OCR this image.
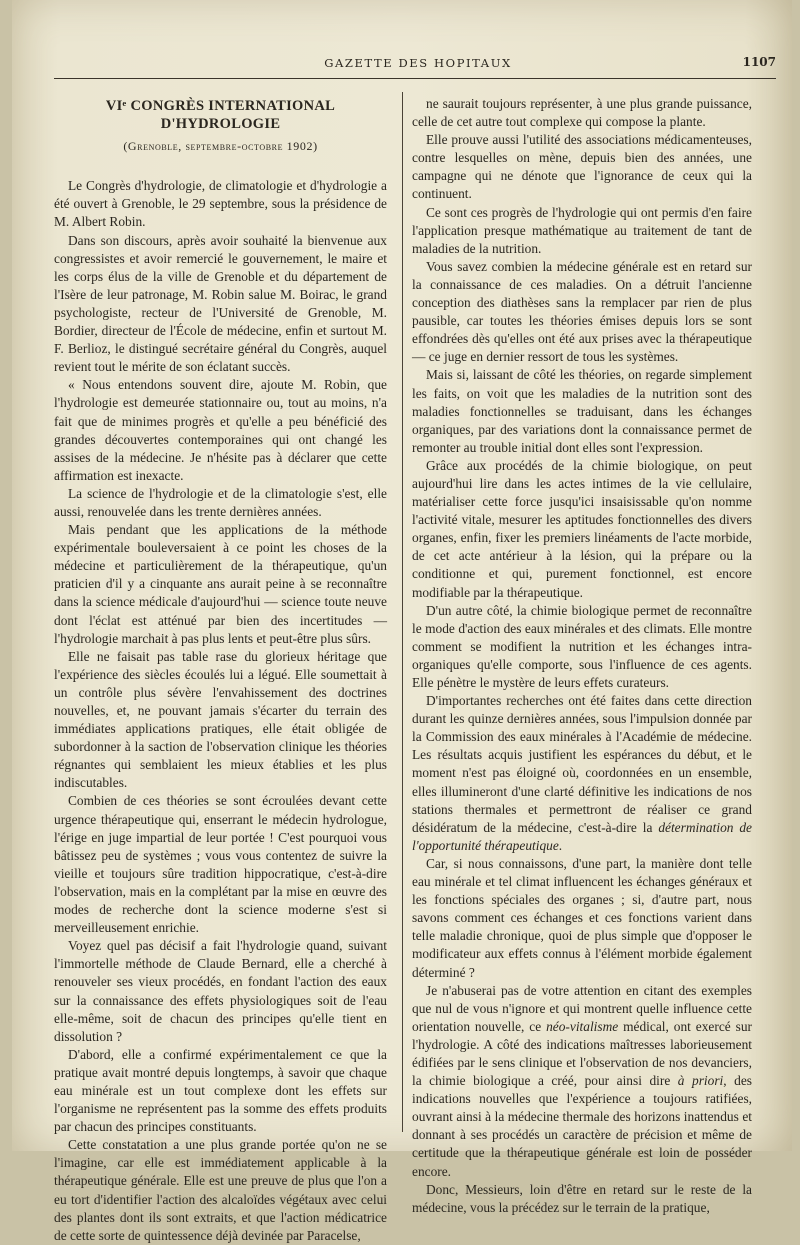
GAZETTE DES HOPITAUX	1107
VIᵉ CONGRÈS INTERNATIONAL D'HYDROLOGIE
(Grenoble, septembre-octobre 1902)

Le Congrès d'hydrologie, de climatologie et d'hydrologie a été ouvert à Grenoble, le 29 septembre, sous la présidence de M. Albert Robin.

Dans son discours, après avoir souhaité la bienvenue aux congressistes et avoir remercié le gouvernement, le maire et les corps élus de la ville de Grenoble et du département de l'Isère de leur patronage, M. Robin salue M. Boirac, le grand psychologiste, recteur de l'Université de Grenoble, M. Bordier, directeur de l'École de médecine, enfin et surtout M. F. Berlioz, le distingué secrétaire général du Congrès, auquel revient tout le mérite de son éclatant succès.

« Nous entendons souvent dire, ajoute M. Robin, que l'hydrologie est demeurée stationnaire ou, tout au moins, n'a fait que de minimes progrès et qu'elle a peu bénéficié des grandes découvertes contemporaines qui ont changé les assises de la médecine. Je n'hésite pas à déclarer que cette affirmation est inexacte.

La science de l'hydrologie et de la climatologie s'est, elle aussi, renouvelée dans les trente dernières années.

Mais pendant que les applications de la méthode expérimentale bouleversaient à ce point les choses de la médecine et particulièrement de la thérapeutique, qu'un praticien d'il y a cinquante ans aurait peine à se reconnaître dans la science médicale d'aujourd'hui — science toute neuve dont l'éclat est atténué par bien des incertitudes — l'hydrologie marchait à pas plus lents et peut-être plus sûrs.

Elle ne faisait pas table rase du glorieux héritage que l'expérience des siècles écoulés lui a légué. Elle soumettait à un contrôle plus sévère l'envahissement des doctrines nouvelles, et, ne pouvant jamais s'écarter du terrain des immédiates applications pratiques, elle était obligée de subordonner à la saction de l'observation clinique les théories régnantes qui semblaient les mieux établies et les plus indiscutables.

Combien de ces théories se sont écroulées devant cette urgence thérapeutique qui, enserrant le médecin hydrologue, l'érige en juge impartial de leur portée ! C'est pourquoi vous bâtissez peu de systèmes ; vous vous contentez de suivre la vieille et toujours sûre tradition hippocratique, c'est-à-dire l'observation, mais en la complétant par la mise en œuvre des modes de recherche dont la science moderne s'est si merveilleusement enrichie.

Voyez quel pas décisif a fait l'hydrologie quand, suivant l'immortelle méthode de Claude Bernard, elle a cherché à renouveler ses vieux procédés, en fondant l'action des eaux sur la connaissance des effets physiologiques soit de l'eau elle-même, soit de chacun des principes qu'elle tient en dissolution ?

D'abord, elle a confirmé expérimentalement ce que la pratique avait montré depuis longtemps, à savoir que chaque eau minérale est un tout complexe dont les effets sur l'organisme ne représentent pas la somme des effets produits par chacun des principes constituants.

Cette constatation a une plus grande portée qu'on ne se l'imagine, car elle est immédiatement applicable à la thérapeutique générale. Elle est une preuve de plus que l'on a eu tort d'identifier l'action des alcaloïdes végétaux avec celui des plantes dont ils sont extraits, et que l'action médicatrice de cette sorte de quintessence déjà devinée par Paracelse,

ne saurait toujours représenter, à une plus grande puissance, celle de cet autre tout complexe qui compose la plante.

Elle prouve aussi l'utilité des associations médicamenteuses, contre lesquelles on mène, depuis bien des années, une campagne qui ne dénote que l'ignorance de ceux qui la continuent.

Ce sont ces progrès de l'hydrologie qui ont permis d'en faire l'application presque mathématique au traitement de tant de maladies de la nutrition.

Vous savez combien la médecine générale est en retard sur la connaissance de ces maladies. On a détruit l'ancienne conception des diathèses sans la remplacer par rien de plus pausible, car toutes les théories émises depuis lors se sont effondrées dès qu'elles ont été aux prises avec la thérapeutique — ce juge en dernier ressort de tous les systèmes.

Mais si, laissant de côté les théories, on regarde simplement les faits, on voit que les maladies de la nutrition sont des maladies fonctionnelles se traduisant, dans les échanges organiques, par des variations dont la connaissance permet de remonter au trouble initial dont elles sont l'expression.

Grâce aux procédés de la chimie biologique, on peut aujourd'hui lire dans les actes intimes de la vie cellulaire, matérialiser cette force jusqu'ici insaisissable qu'on nomme l'activité vitale, mesurer les aptitudes fonctionnelles des divers organes, enfin, fixer les premiers linéaments de l'acte morbide, de cet acte antérieur à la lésion, qui la prépare ou la conditionne et qui, purement fonctionnel, est encore modifiable par la thérapeutique.

D'un autre côté, la chimie biologique permet de reconnaître le mode d'action des eaux minérales et des climats. Elle montre comment se modifient la nutrition et les échanges intra-organiques qu'elle comporte, sous l'influence de ces agents. Elle pénètre le mystère de leurs effets curateurs.

D'importantes recherches ont été faites dans cette direction durant les quinze dernières années, sous l'impulsion donnée par la Commission des eaux minérales à l'Académie de médecine. Les résultats acquis justifient les espérances du début, et le moment n'est pas éloigné où, coordonnées en un ensemble, elles illumineront d'une clarté définitive les indications de nos stations thermales et permettront de réaliser ce grand désidératum de la médecine, c'est-à-dire la détermination de l'opportunité thérapeutique.

Car, si nous connaissons, d'une part, la manière dont telle eau minérale et tel climat influencent les échanges généraux et les fonctions spéciales des organes ; si, d'autre part, nous savons comment ces échanges et ces fonctions varient dans telle maladie chronique, quoi de plus simple que d'opposer le modificateur aux effets connus à l'élément morbide également déterminé ?

Je n'abuserai pas de votre attention en citant des exemples que nul de vous n'ignore et qui montrent quelle influence cette orientation nouvelle, ce néo-vitalisme médical, ont exercé sur l'hydrologie. A côté des indications maîtresses laborieusement édifiées par le sens clinique et l'observation de nos devanciers, la chimie biologique a créé, pour ainsi dire à priori, des indications nouvelles que l'expérience a toujours ratifiées, ouvrant ainsi à la médecine thermale des horizons inattendus et donnant à ses procédés un caractère de précision et même de certitude que la thérapeutique générale est loin de posséder encore.

Donc, Messieurs, loin d'être en retard sur le reste de la médecine, vous la précédez sur le terrain de la pratique,
